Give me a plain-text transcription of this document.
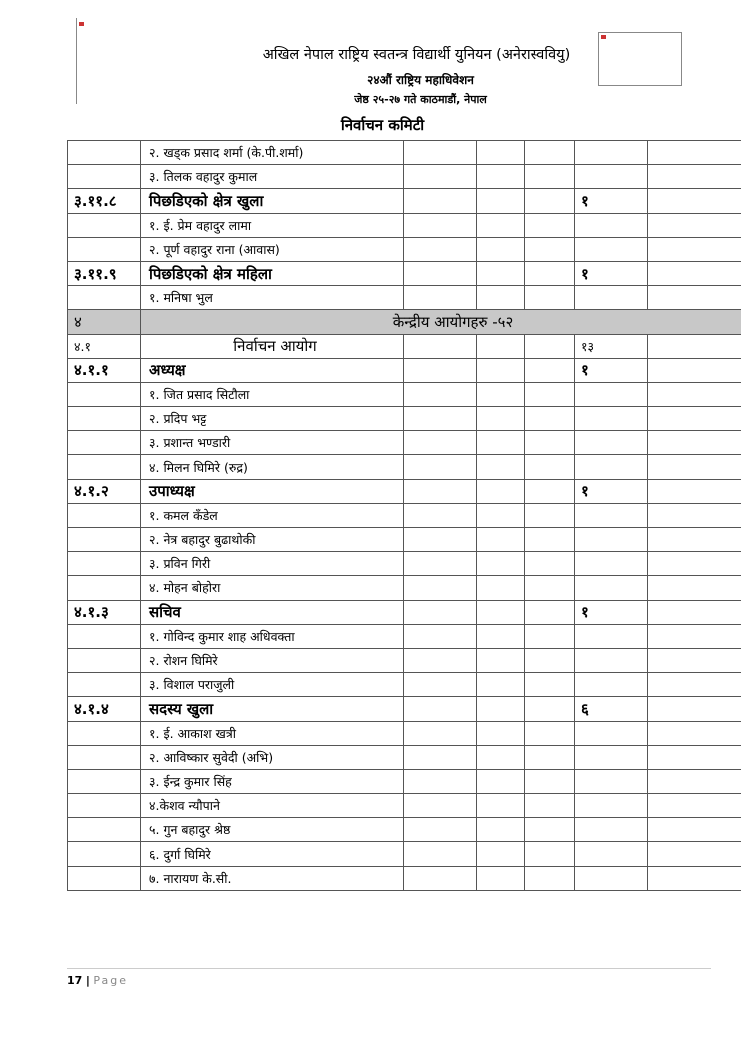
अखिल नेपाल राष्ट्रिय स्वतन्त्र विद्यार्थी युनियन (अनेरास्ववियु)
२४औं राष्ट्रिय महाधिवेशन
जेष्ठ २५-२७ गते काठमाडौं, नेपाल
निर्वाचन कमिटी
	२. खड्क प्रसाद शर्मा (के.पी.शर्मा)					
	३. तिलक वहादुर कुमाल					
३.११.८	पिछडिएको क्षेत्र खुला				१	
	१. ई. प्रेम वहादुर लामा					
	२. पूर्ण वहादुर राना (आवास)					
३.११.९	पिछडिएको क्षेत्र महिला				१	
	१. मनिषा भुल					
४	केन्द्रीय आयोगहरु -५२					
४.१	निर्वाचन आयोग				१३	
४.१.१	अध्यक्ष				१	
	१. जित प्रसाद सिटौला					
	२. प्रदिप भट्ट					
	३. प्रशान्त भण्डारी					
	४. मिलन घिमिरे (रुद्र)					
४.१.२	उपाध्यक्ष				१	
	१. कमल कँडेल					
	२. नेत्र बहादुर बुढाथोकी					
	३. प्रविन गिरी					
	४. मोहन बोहोरा					
४.१.३	सचिव				१	
	१. गोविन्द कुमार शाह अधिवक्ता					
	२. रोशन घिमिरे					
	३. विशाल पराजुली					
४.१.४	सदस्य खुला				६	
	१. ई. आकाश खत्री					
	२. आविष्कार सुवेदी (अभि)					
	३. ईन्द्र कुमार सिंह					
	४.केशव न्यौपाने					
	५. गुन बहादुर श्रेष्ठ					
	६. दुर्गा घिमिरे					
	७. नारायण के.सी.					
17 | Page
